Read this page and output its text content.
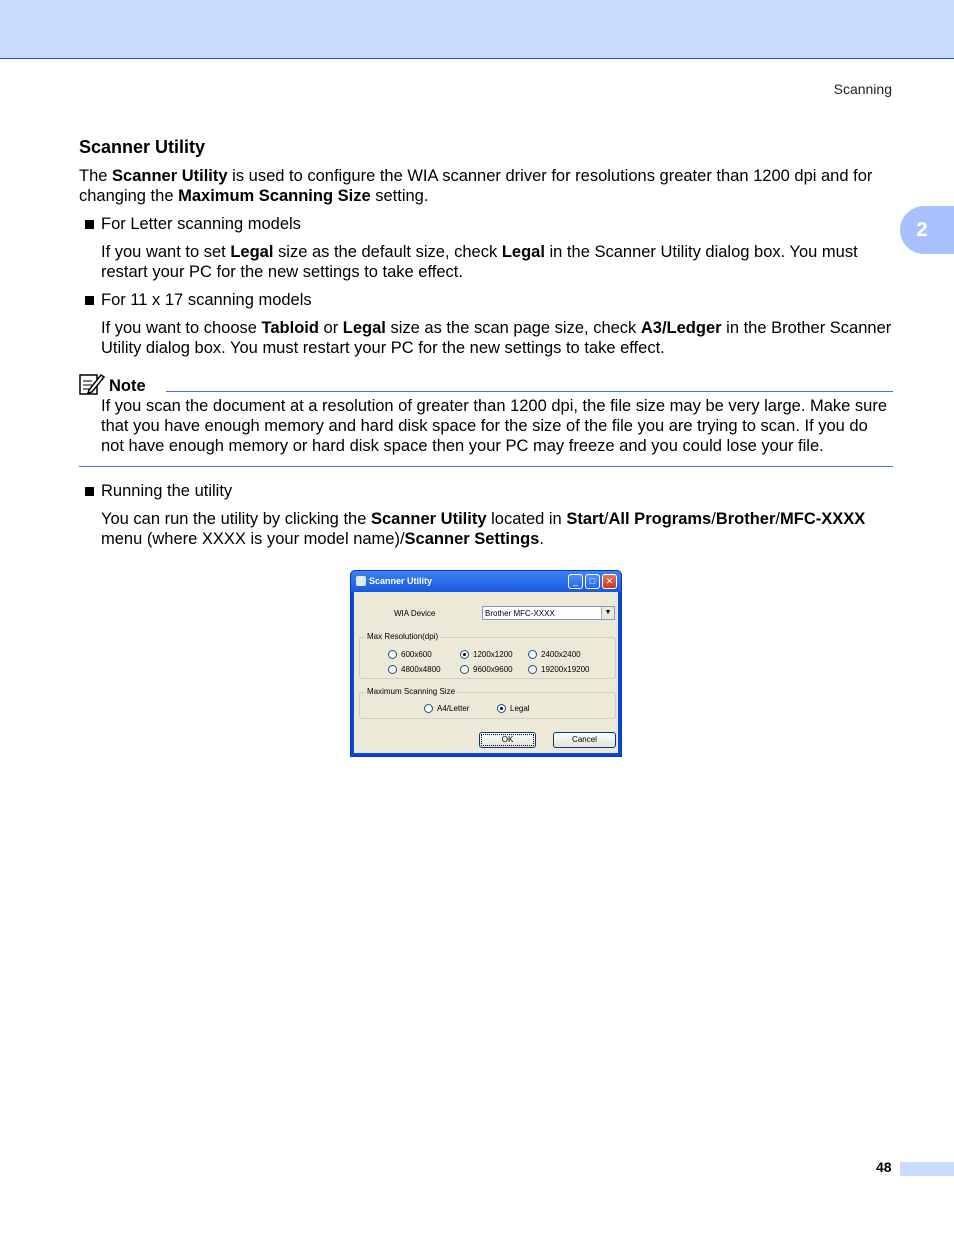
Scanning
2
Scanner Utility

The Scanner Utility is used to configure the WIA scanner driver for resolutions greater than 1200 dpi and for changing the Maximum Scanning Size setting.

For Letter scanning models

If you want to set Legal size as the default size, check Legal in the Scanner Utility dialog box. You must restart your PC for the new settings to take effect.

For 11 x 17 scanning models

If you want to choose Tabloid or Legal size as the scan page size, check A3/Ledger in the Brother Scanner Utility dialog box. You must restart your PC for the new settings to take effect.

Note

If you scan the document at a resolution of greater than 1200 dpi, the file size may be very large. Make sure that you have enough memory and hard disk space for the size of the file you are trying to scan. If you do not have enough memory or hard disk space then your PC may freeze and you could lose your file.

Running the utility

You can run the utility by clicking the Scanner Utility located in Start/All Programs/Brother/MFC-XXXX menu (where XXXX is your model name)/Scanner Settings.

Scanner Utility	_	□	✕
WIA Device	Brother MFC-XXXX	▼
Max Resolution(dpi)
600x600	1200x1200	2400x2400
4800x4800	9600x9600	19200x19200
Maximum Scanning Size
A4/Letter	Legal
OK	Cancel
48
